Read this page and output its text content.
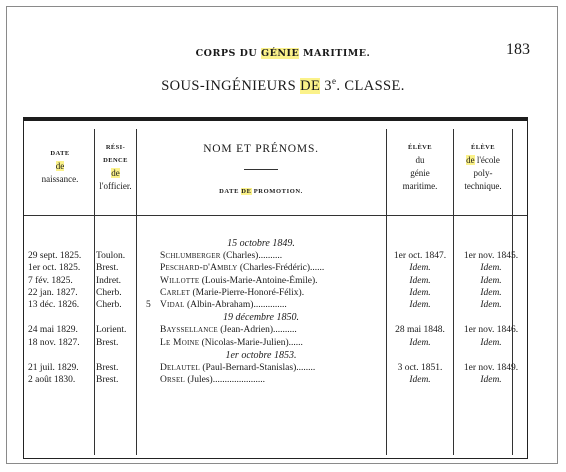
CORPS DU GÉNIE MARITIME.	183
SOUS-INGÉNIEURS DE 3e. CLASSE.
DATE
de
naissance.
RÉSI-
DENCE
de
l'officier.
NOM ET PRÉNOMS.
DATE DE PROMOTION.
ÉLÈVE
du
génie
maritime.
ÉLÈVE
de l'école
poly-
technique.
15 octobre 1849.
29 sept. 1825.	Toulon.	Schlumberger (Charles)..........	1er oct. 1847.	1er nov. 1845.
1er oct. 1825.	Brest.	Peschard-d'Ambly (Charles-Frédéric)......	Idem.	Idem.
7 fév. 1825.	Indret.	Willotte (Louis-Marie-Antoine-Émile).	Idem.	Idem.
22 jan. 1827.	Cherb.	Carlet (Marie-Pierre-Honoré-Félix).	Idem.	Idem.
13 déc. 1826.	Cherb.	5 Vidal (Albin-Abraham)..............	Idem.	Idem.
19 décembre 1850.
24 mai 1829.	Lorient.	Bayssellance (Jean-Adrien)..........	28 mai 1848.	1er nov. 1846.
18 nov. 1827.	Brest.	Le Moine (Nicolas-Marie-Julien)......	Idem.	Idem.
1er octobre 1853.
21 juil. 1829.	Brest.	Delautel (Paul-Bernard-Stanislas)........	3 oct. 1851.	1er nov. 1849.
2 août 1830.	Brest.	Orsel (Jules)......................	Idem.	Idem.
